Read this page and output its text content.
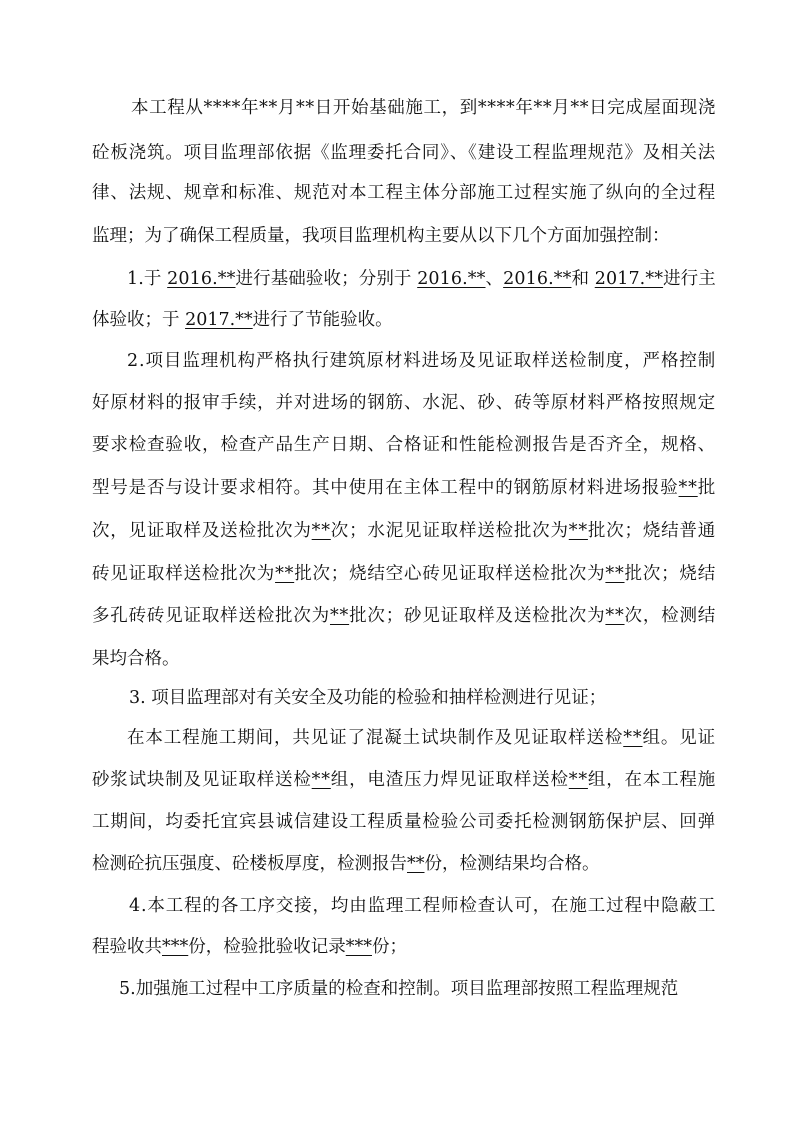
本工程从****年**月**日开始基础施工，到****年**月**日完成屋面现浇
砼板浇筑。项目监理部依据《监理委托合同》、《建设工程监理规范》及相关法
律、法规、规章和标准、规范对本工程主体分部施工过程实施了纵向的全过程
监理；为了确保工程质量，我项目监理机构主要从以下几个方面加强控制：
1.于 2016.**进行基础验收；分别于 2016.**、2016.**和 2017.**进行主
体验收；于 2017.**进行了节能验收。
2.项目监理机构严格执行建筑原材料进场及见证取样送检制度，严格控制
好原材料的报审手续，并对进场的钢筋、水泥、砂、砖等原材料严格按照规定
要求检查验收，检查产品生产日期、合格证和性能检测报告是否齐全，规格、
型号是否与设计要求相符。其中使用在主体工程中的钢筋原材料进场报验**批
次，见证取样及送检批次为**次；水泥见证取样送检批次为**批次；烧结普通
砖见证取样送检批次为**批次；烧结空心砖见证取样送检批次为**批次；烧结
多孔砖砖见证取样送检批次为**批次；砂见证取样及送检批次为**次，检测结
果均合格。
3. 项目监理部对有关安全及功能的检验和抽样检测进行见证；
在本工程施工期间，共见证了混凝土试块制作及见证取样送检**组。见证
砂浆试块制及见证取样送检**组，电渣压力焊见证取样送检**组，在本工程施
工期间，均委托宜宾县诚信建设工程质量检验公司委托检测钢筋保护层、回弹
检测砼抗压强度、砼楼板厚度，检测报告**份，检测结果均合格。
4.本工程的各工序交接，均由监理工程师检查认可，在施工过程中隐蔽工
程验收共***份，检验批验收记录***份；
5.加强施工过程中工序质量的检查和控制。项目监理部按照工程监理规范
